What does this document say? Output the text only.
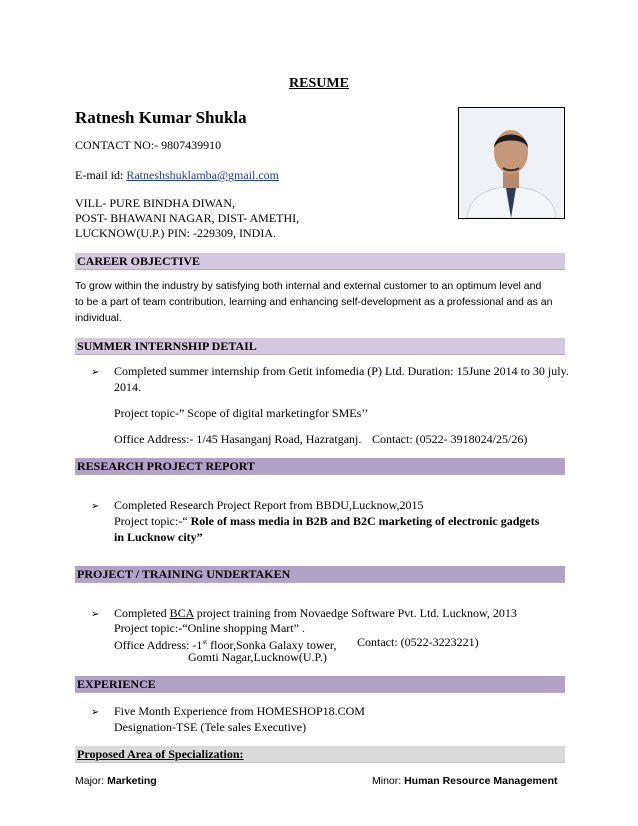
RESUME
Ratnesh Kumar Shukla
CONTACT NO:- 9807439910
E-mail id: Ratneshshuklamba@gmail.com
VILL- PURE BINDHA DIWAN,
POST- BHAWANI NAGAR, DIST- AMETHI,
LUCKNOW(U.P.) PIN: -229309, INDIA.
CAREER OBJECTIVE
To grow within the industry by satisfying both internal and external customer to an optimum level and
to be a part of team contribution, learning and enhancing self-development as a professional and as an
individual.
SUMMER INTERNSHIP DETAIL
➢ Completed summer internship from Getit infomedia (P) Ltd. Duration: 15June 2014 to 30 july.
2014.
Project topic-” Scope of digital marketingfor SMEs’’
Office Address:- 1/45 Hasanganj Road, Hazratganj. Contact: (0522- 3918024/25/26)
RESEARCH PROJECT REPORT
➢ Completed Research Project Report from BBDU,Lucknow,2015
Project topic:-“ Role of mass media in B2B and B2C marketing of electronic gadgets
in Lucknow city”
PROJECT / TRAINING UNDERTAKEN
➢ Completed BCA project training from Novaedge Software Pvt. Ltd. Lucknow, 2013
Project topic:-“Online shopping Mart” .
Office Address: -1st floor,Sonka Galaxy tower, Contact: (0522-3223221)
Gomti Nagar,Lucknow(U.P.)
EXPERIENCE
➢ Five Month Experience from HOMESHOP18.COM
Designation-TSE (Tele sales Executive)
Proposed Area of Specialization:
Major: Marketing	Minor: Human Resource Management
